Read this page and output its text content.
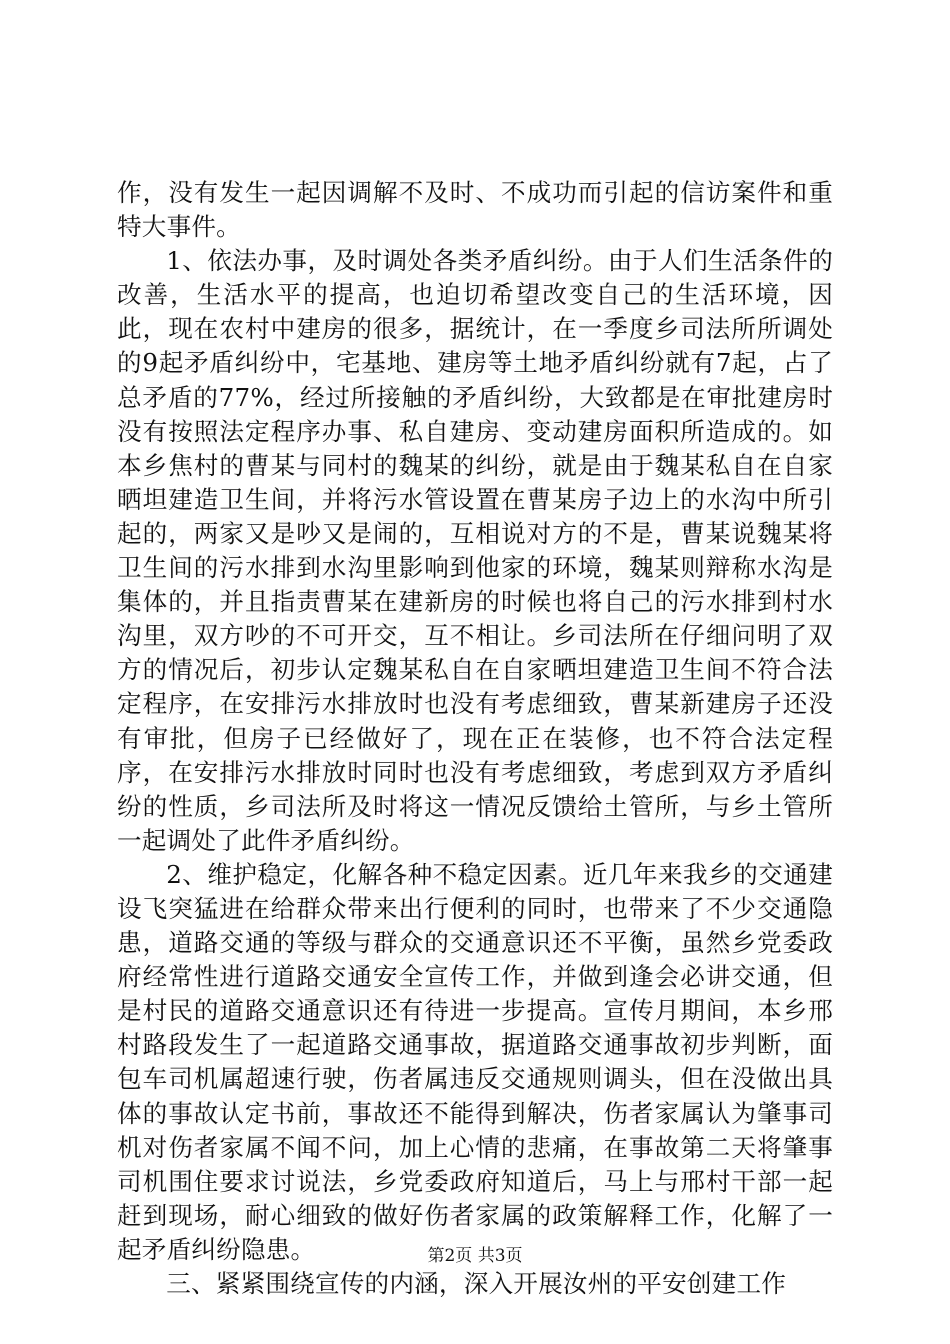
作，没有发生一起因调解不及时、不成功而引起的信访案件和重特大事件。

1、依法办事，及时调处各类矛盾纠纷。由于人们生活条件的改善，生活水平的提高，也迫切希望改变自己的生活环境，因此，现在农村中建房的很多，据统计，在一季度乡司法所所调处的9起矛盾纠纷中，宅基地、建房等土地矛盾纠纷就有7起，占了总矛盾的77%，经过所接触的矛盾纠纷，大致都是在审批建房时没有按照法定程序办事、私自建房、变动建房面积所造成的。如本乡焦村的曹某与同村的魏某的纠纷，就是由于魏某私自在自家晒坦建造卫生间，并将污水管设置在曹某房子边上的水沟中所引起的，两家又是吵又是闹的，互相说对方的不是，曹某说魏某将卫生间的污水排到水沟里影响到他家的环境，魏某则辩称水沟是集体的，并且指责曹某在建新房的时候也将自己的污水排到村水沟里，双方吵的不可开交，互不相让。乡司法所在仔细问明了双方的情况后，初步认定魏某私自在自家晒坦建造卫生间不符合法定程序，在安排污水排放时也没有考虑细致，曹某新建房子还没有审批，但房子已经做好了，现在正在装修，也不符合法定程序，在安排污水排放时同时也没有考虑细致，考虑到双方矛盾纠纷的性质，乡司法所及时将这一情况反馈给土管所，与乡土管所一起调处了此件矛盾纠纷。

2、维护稳定，化解各种不稳定因素。近几年来我乡的交通建设飞突猛进在给群众带来出行便利的同时，也带来了不少交通隐患，道路交通的等级与群众的交通意识还不平衡，虽然乡党委政府经常性进行道路交通安全宣传工作，并做到逢会必讲交通，但是村民的道路交通意识还有待进一步提高。宣传月期间，本乡邢村路段发生了一起道路交通事故，据道路交通事故初步判断，面包车司机属超速行驶，伤者属违反交通规则调头，但在没做出具体的事故认定书前，事故还不能得到解决，伤者家属认为肇事司机对伤者家属不闻不问，加上心情的悲痛，在事故第二天将肇事司机围住要求讨说法，乡党委政府知道后，马上与邢村干部一起赶到现场，耐心细致的做好伤者家属的政策解释工作，化解了一起矛盾纠纷隐患。

三、紧紧围绕宣传的内涵，深入开展汝州的平安创建工作

第2页 共3页
